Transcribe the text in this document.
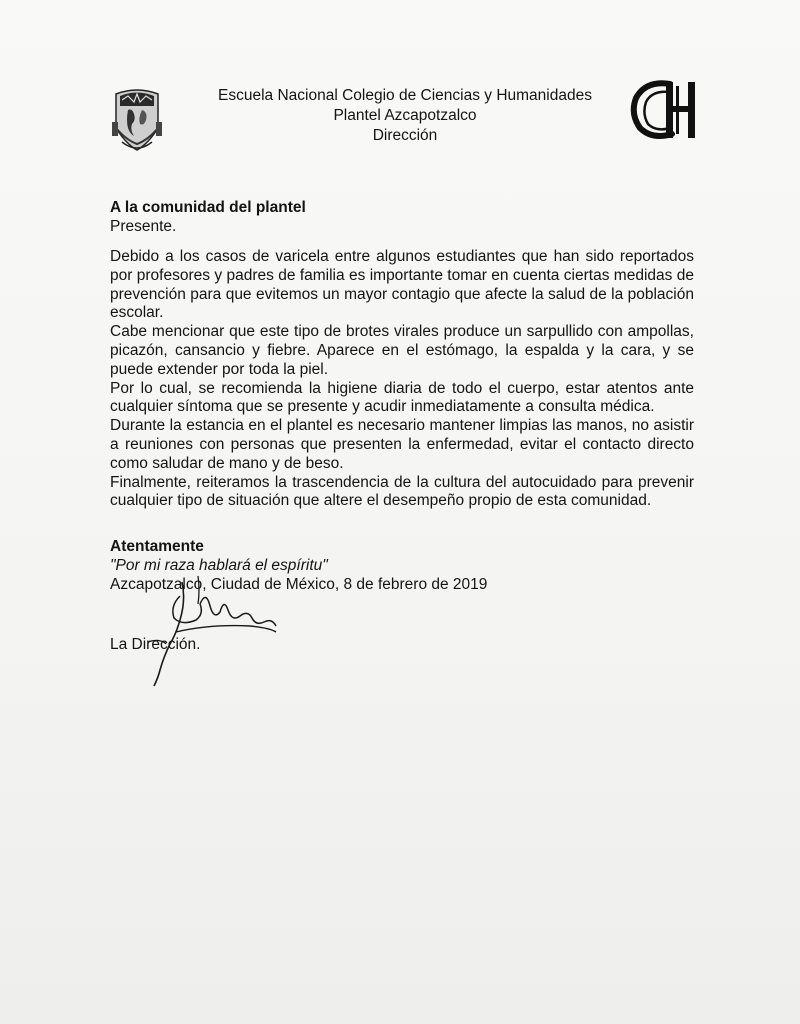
Escuela Nacional Colegio de Ciencias y Humanidades
Plantel Azcapotzalco
Dirección
A la comunidad del plantel
Presente.

Debido a los casos de varicela entre algunos estudiantes que han sido reportados por profesores y padres de familia es importante tomar en cuenta ciertas medidas de prevención para que evitemos un mayor contagio que afecte la salud de la población escolar.

Cabe mencionar que este tipo de brotes virales produce un sarpullido con ampollas, picazón, cansancio y fiebre. Aparece en el estómago, la espalda y la cara, y se puede extender por toda la piel.

Por lo cual, se recomienda la higiene diaria de todo el cuerpo, estar atentos ante cualquier síntoma que se presente y acudir inmediatamente a consulta médica.

Durante la estancia en el plantel es necesario mantener limpias las manos, no asistir a reuniones con personas que presenten la enfermedad, evitar el contacto directo como saludar de mano y de beso.

Finalmente, reiteramos la trascendencia de la cultura del autocuidado para prevenir cualquier tipo de situación que altere el desempeño propio de esta comunidad.

Atentamente
"Por mi raza hablará el espíritu"
Azcapotzalco, Ciudad de México, 8 de febrero de 2019
La Dirección.
